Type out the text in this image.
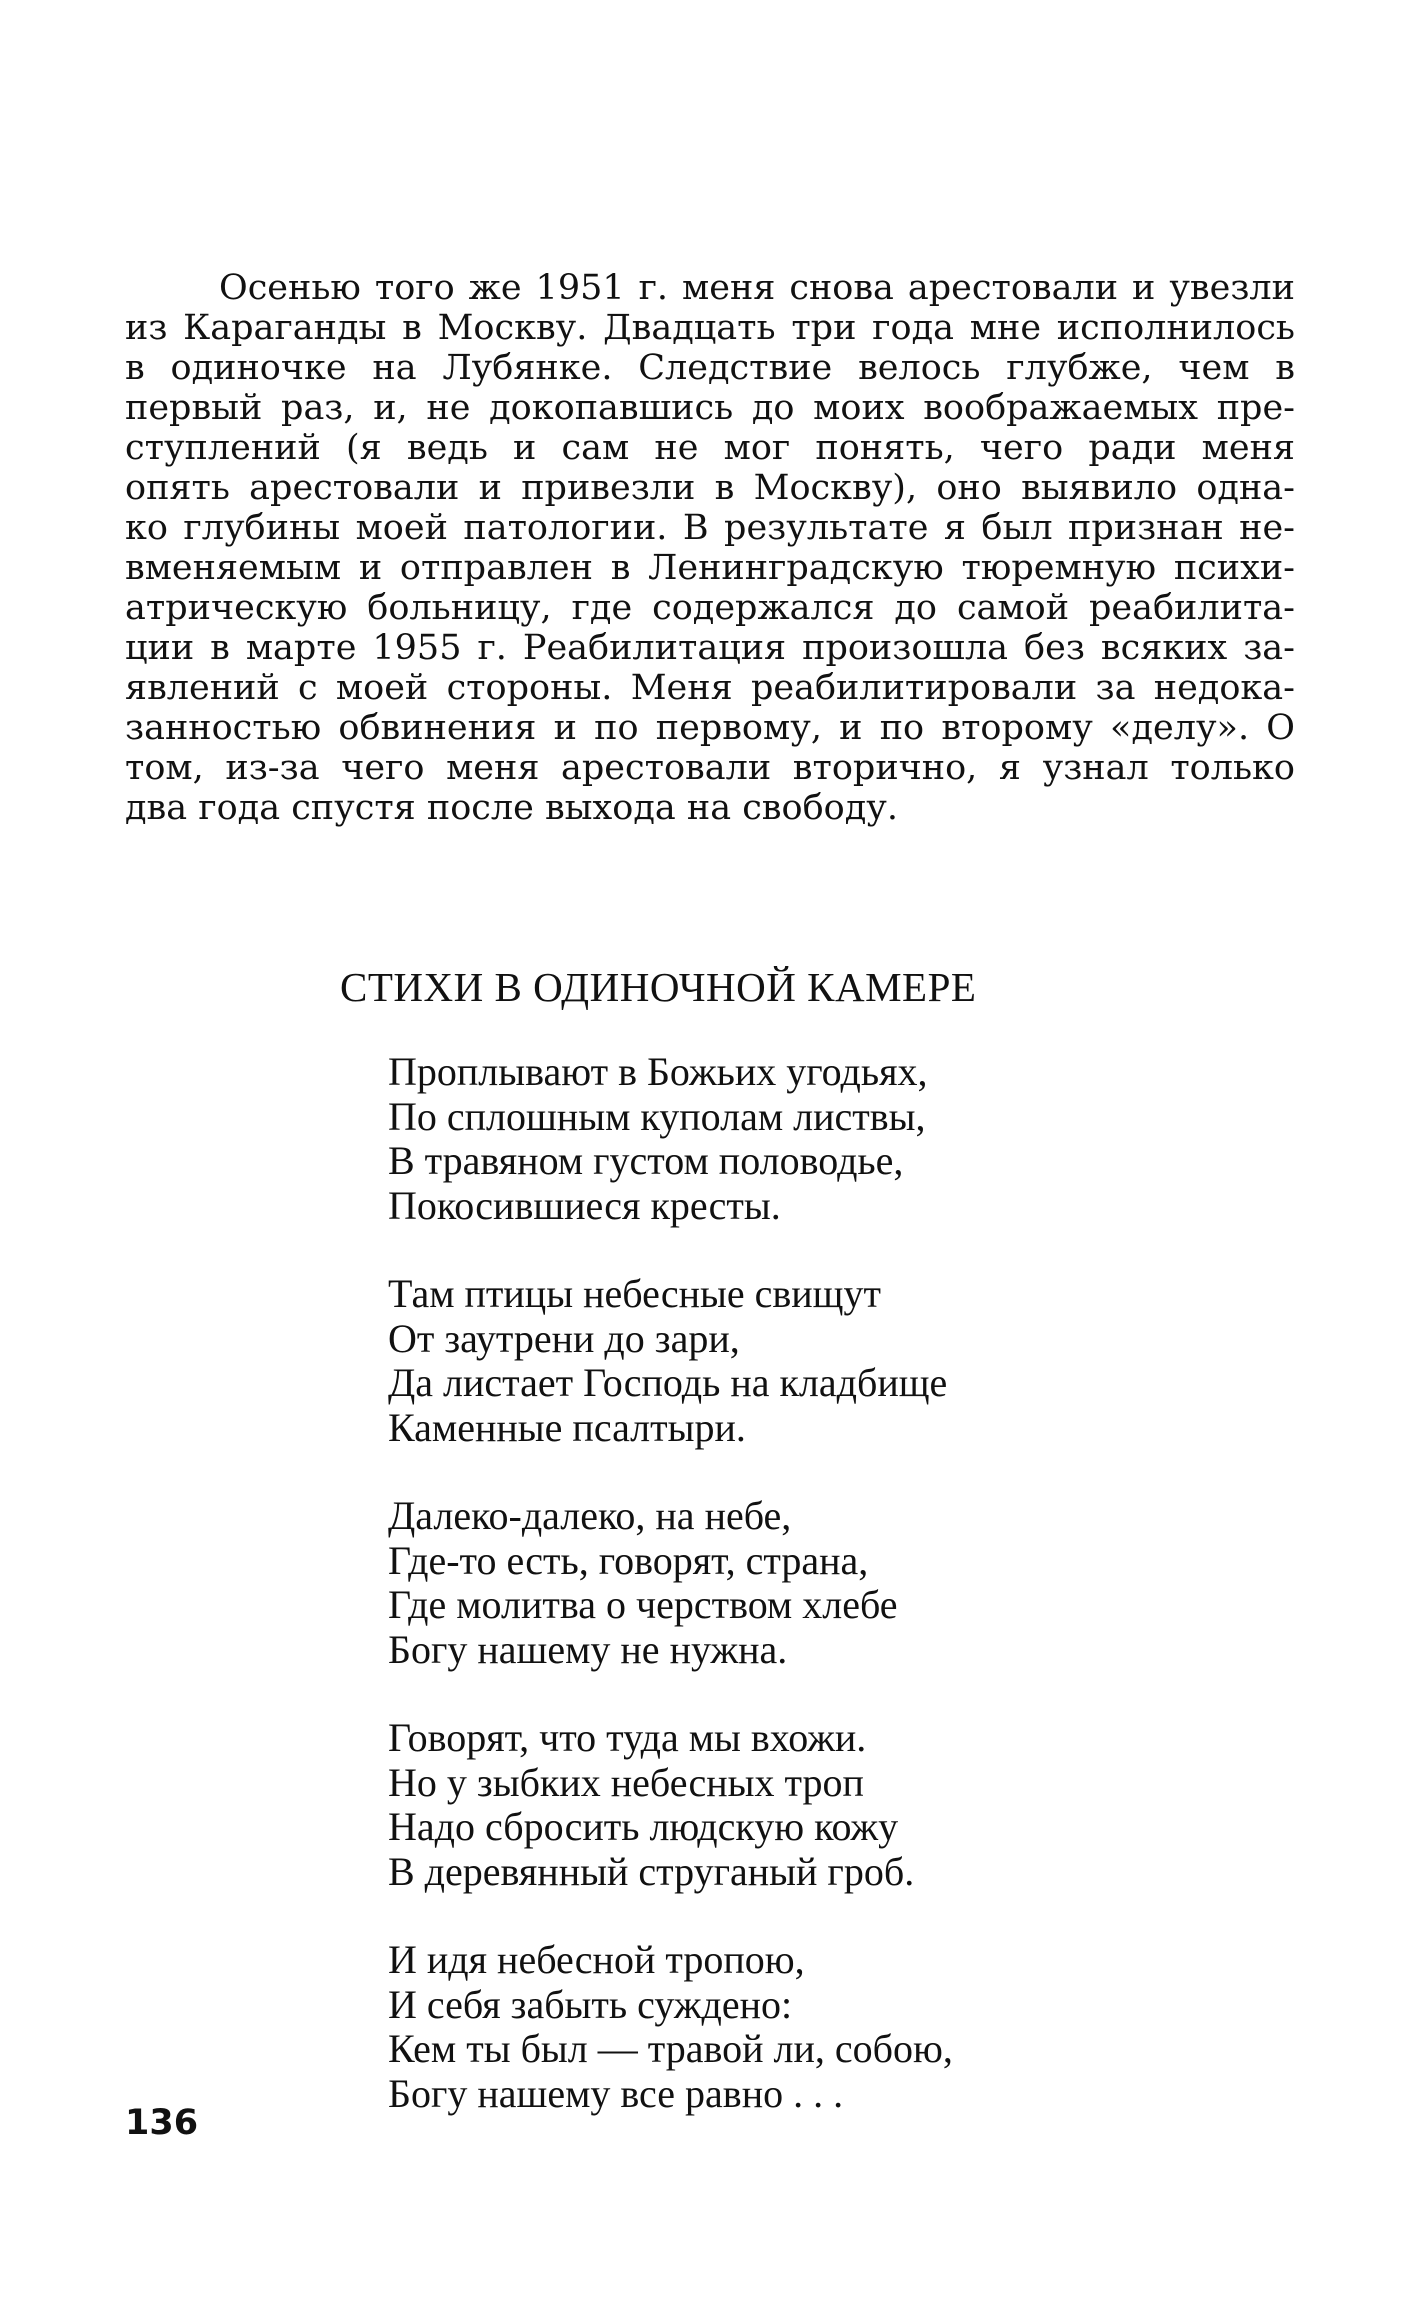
Осенью того же 1951 г. меня снова арестовали и увезли
из Караганды в Москву. Двадцать три года мне исполнилось
в одиночке на Лубянке. Следствие велось глубже, чем в
первый раз, и, не докопавшись до моих воображаемых пре-
ступлений (я ведь и сам не мог понять, чего ради меня
опять арестовали и привезли в Москву), оно выявило одна-
ко глубины моей патологии. В результате я был признан не-
вменяемым и отправлен в Ленинградскую тюремную психи-
атрическую больницу, где содержался до самой реабилита-
ции в марте 1955 г. Реабилитация произошла без всяких за-
явлений с моей стороны. Меня реабилитировали за недока-
занностью обвинения и по первому, и по второму «делу». О
том, из-за чего меня арестовали вторично, я узнал только
два года спустя после выхода на свободу.
СТИХИ В ОДИНОЧНОЙ КАМЕРЕ
Проплывают в Божьих угодьях,
По сплошным куполам листвы,
В травяном густом половодье,
Покосившиеся кресты.
Там птицы небесные свищут
От заутрени до зари,
Да листает Господь на кладбище
Каменные псалтыри.
Далеко-далеко, на небе,
Где-то есть, говорят, страна,
Где молитва о черством хлебе
Богу нашему не нужна.
Говорят, что туда мы вхожи.
Но у зыбких небесных троп
Надо сбросить людскую кожу
В деревянный струганый гроб.
И идя небесной тропою,
И себя забыть суждено:
Кем ты был — травой ли, собою,
Богу нашему все равно . . .
136
